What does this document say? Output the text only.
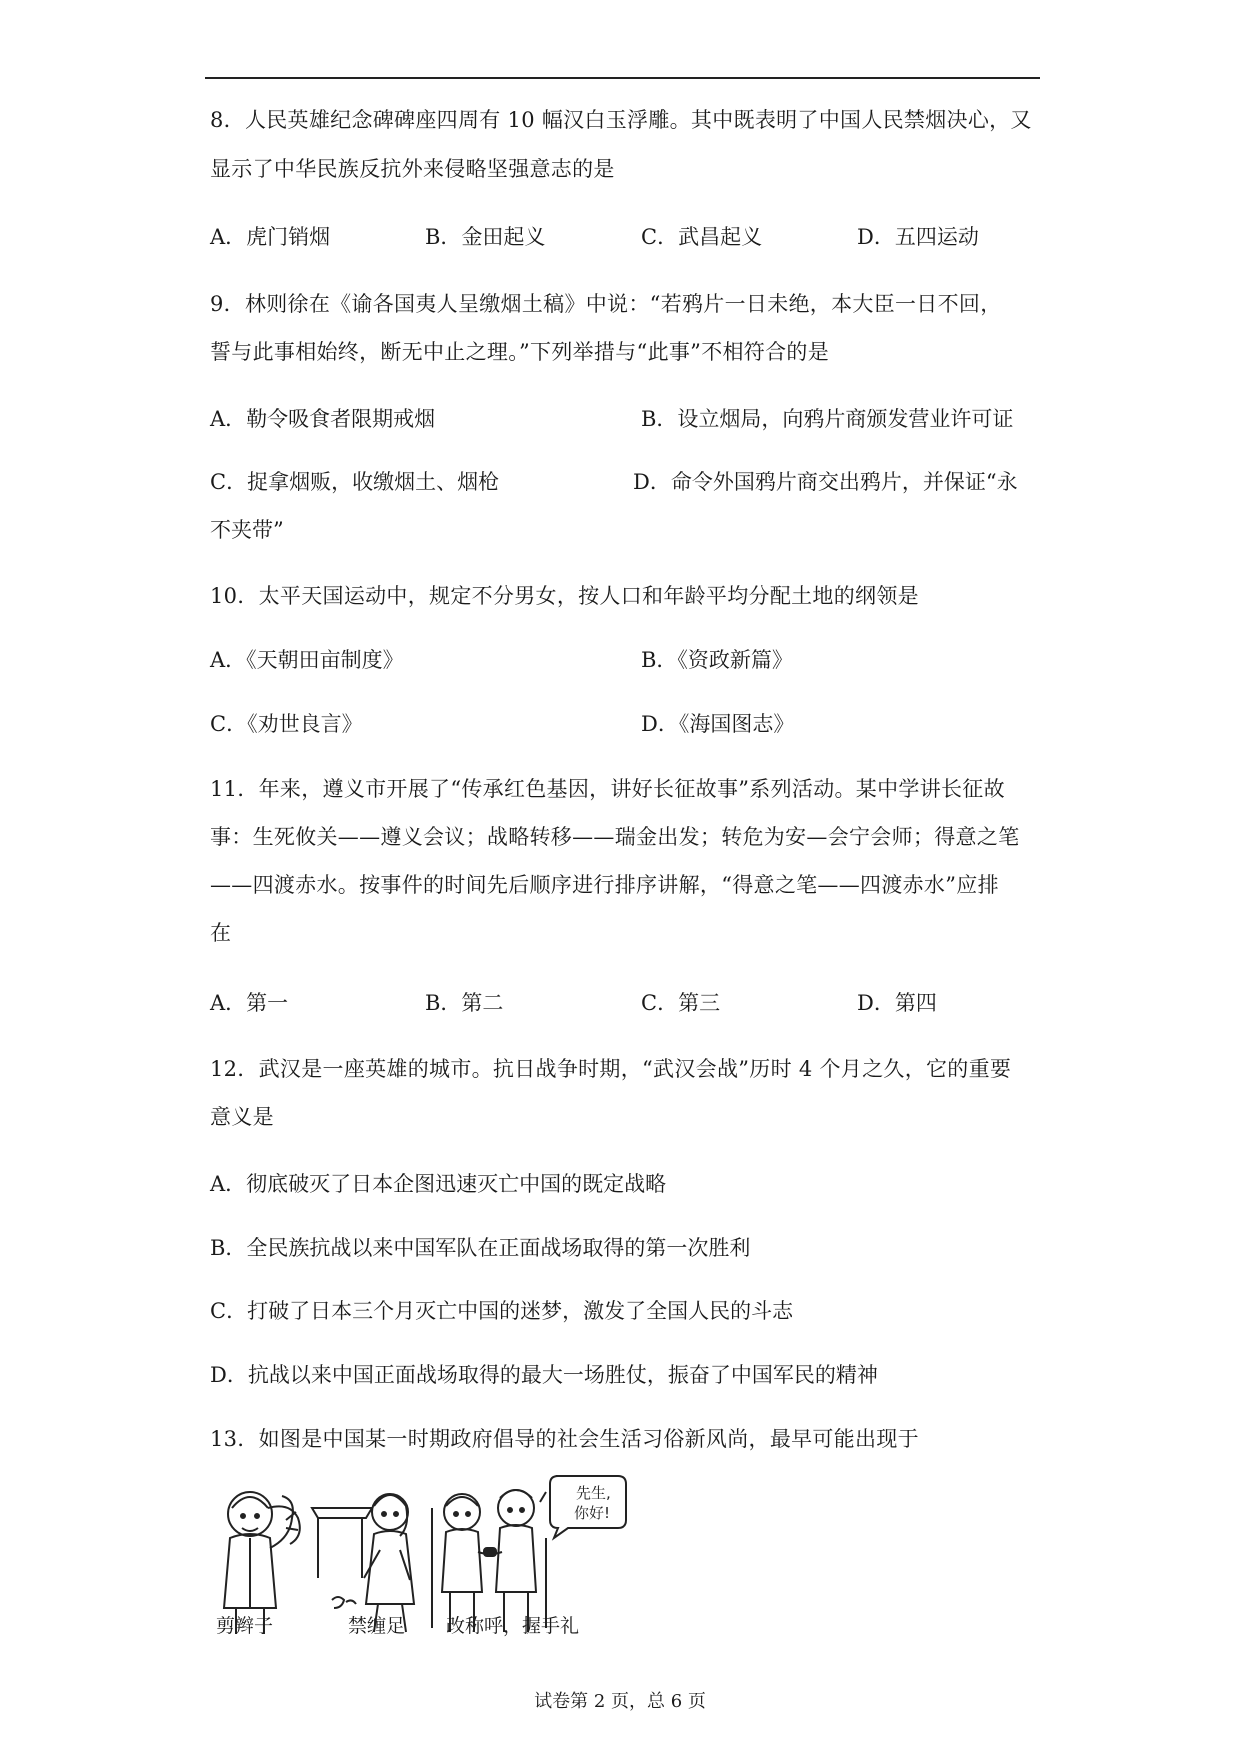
8．人民英雄纪念碑碑座四周有 10 幅汉白玉浮雕。其中既表明了中国人民禁烟决心，又
显示了中华民族反抗外来侵略坚强意志的是
A．虎门销烟	B．金田起义	C．武昌起义	D．五四运动
9．林则徐在《谕各国夷人呈缴烟土稿》中说：“若鸦片一日未绝，本大臣一日不回，
誓与此事相始终，断无中止之理。”下列举措与“此事”不相符合的是
A．勒令吸食者限期戒烟	B．设立烟局，向鸦片商颁发营业许可证
C．捉拿烟贩，收缴烟土、烟枪	D．命令外国鸦片商交出鸦片，并保证“永
不夹带”
10．太平天国运动中，规定不分男女，按人口和年龄平均分配土地的纲领是
A．《天朝田亩制度》	B．《资政新篇》
C．《劝世良言》	D．《海国图志》
11．年来，遵义市开展了“传承红色基因，讲好长征故事”系列活动。某中学讲长征故
事：生死攸关——遵义会议；战略转移——瑞金出发；转危为安—会宁会师；得意之笔
——四渡赤水。按事件的时间先后顺序进行排序讲解，“得意之笔——四渡赤水”应排
在
A．第一	B．第二	C．第三	D．第四
12．武汉是一座英雄的城市。抗日战争时期，“武汉会战”历时 4 个月之久，它的重要
意义是
A．彻底破灭了日本企图迅速灭亡中国的既定战略
B．全民族抗战以来中国军队在正面战场取得的第一次胜利
C．打破了日本三个月灭亡中国的迷梦，激发了全国人民的斗志
D．抗战以来中国正面战场取得的最大一场胜仗，振奋了中国军民的精神
13．如图是中国某一时期政府倡导的社会生活习俗新风尚，最早可能出现于
先生,
你好!
剪辫子	禁缠足 改称呼，握手礼
试卷第 2 页，总 6 页
